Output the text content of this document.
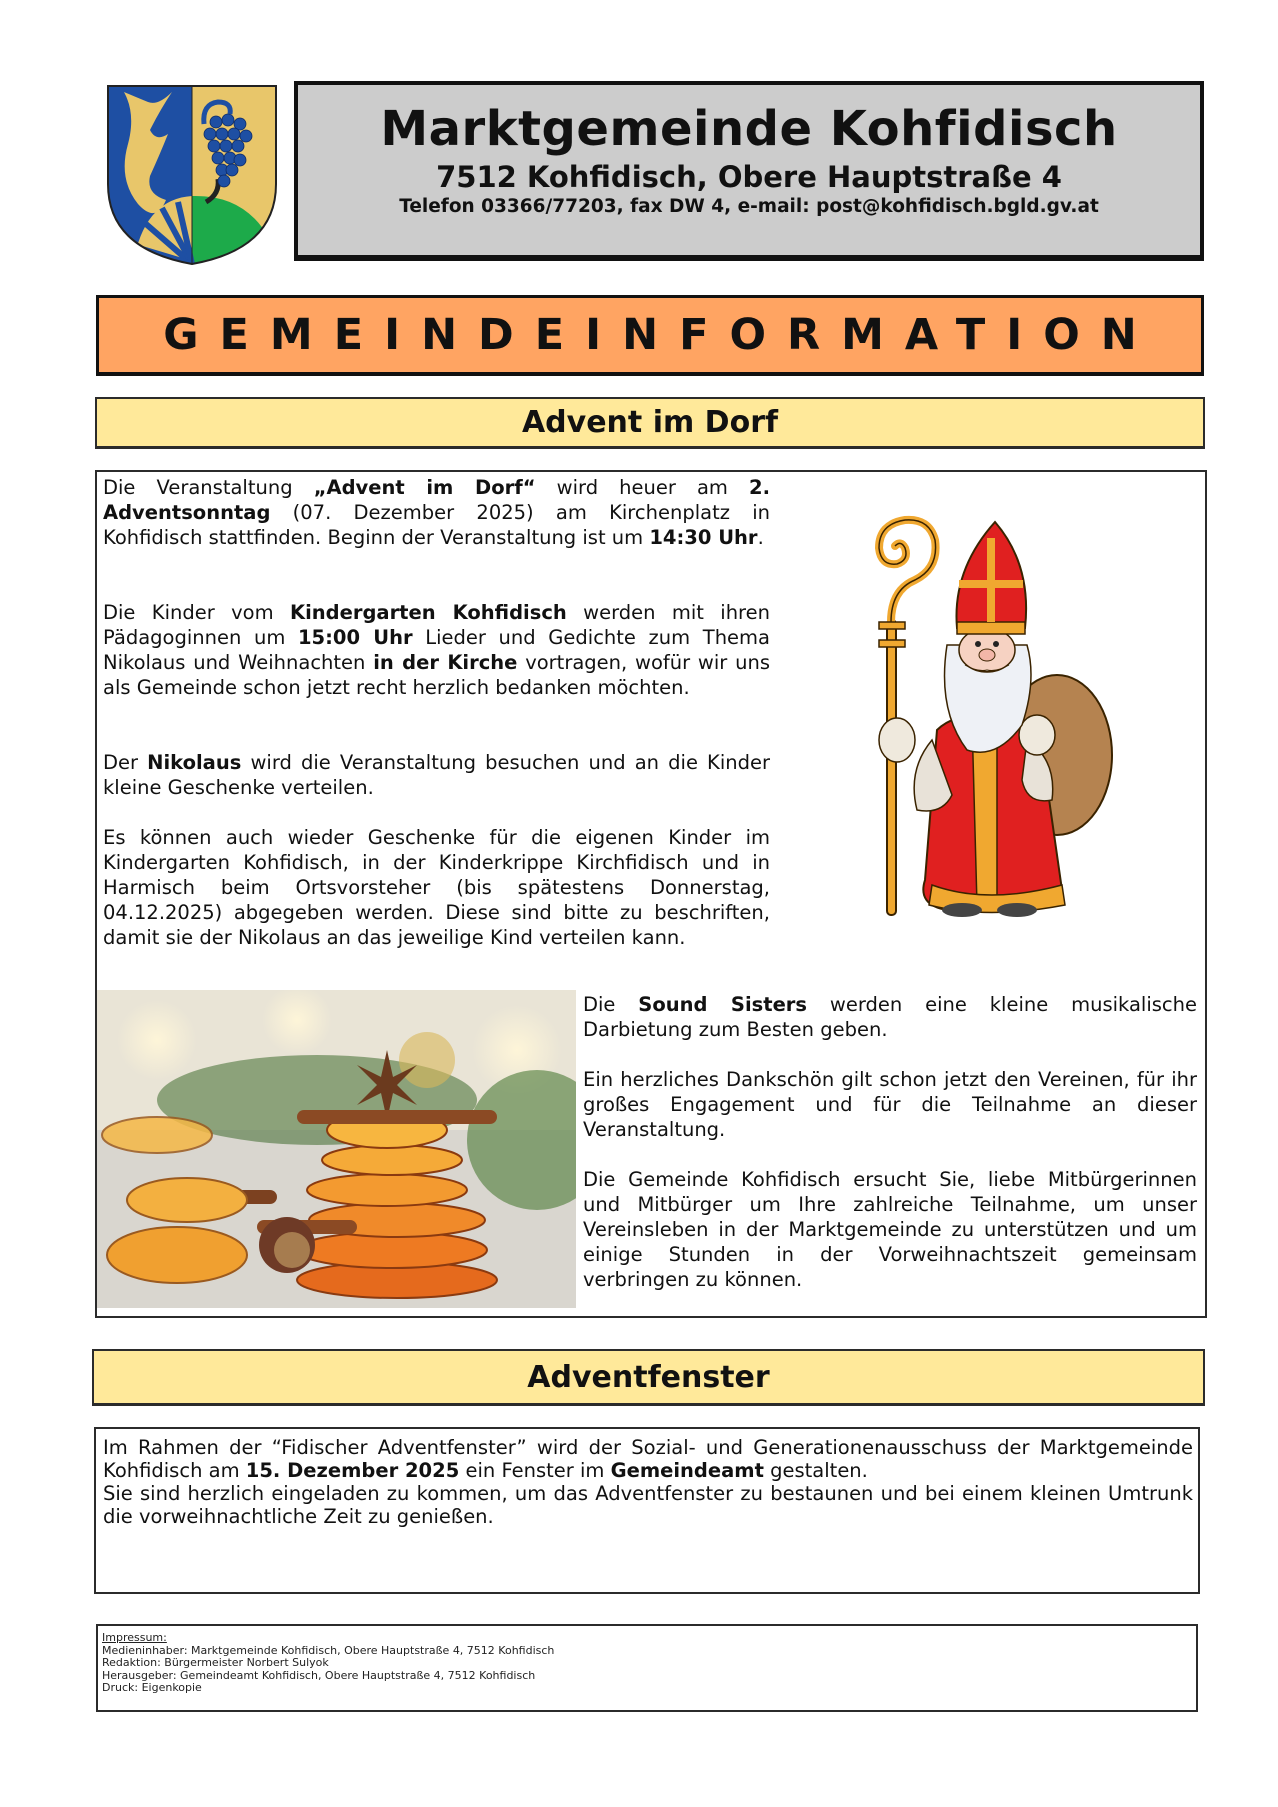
Marktgemeinde Kohfidisch
7512 Kohfidisch, Obere Hauptstraße 4
Telefon 03366/77203, fax DW 4, e-mail: post@kohfidisch.bgld.gv.at
GEMEINDEINFORMATION
Advent im Dorf

Die Veranstaltung „Advent im Dorf“ wird heuer am 2. Adventsonntag (07. Dezember 2025) am Kirchenplatz in Kohfidisch stattfinden. Beginn der Veranstaltung ist um 14:30 Uhr.

Die Kinder vom Kindergarten Kohfidisch werden mit ihren Pädagoginnen um 15:00 Uhr Lieder und Gedichte zum Thema Nikolaus und Weihnachten in der Kirche vortragen, wofür wir uns als Gemeinde schon jetzt recht herzlich bedanken möchten.

Der Nikolaus wird die Veranstaltung besuchen und an die Kinder kleine Geschenke verteilen.

Es können auch wieder Geschenke für die eigenen Kinder im Kindergarten Kohfidisch, in der Kinderkrippe Kirchfidisch und in Harmisch beim Ortsvorsteher (bis spätestens Donnerstag, 04.12.2025) abgegeben werden. Diese sind bitte zu beschriften, damit sie der Nikolaus an das jeweilige Kind verteilen kann.

Die Sound Sisters werden eine kleine musikalische Darbietung zum Besten geben.

Ein herzliches Dankschön gilt schon jetzt den Vereinen, für ihr großes Engagement und für die Teilnahme an dieser Veranstaltung.

Die Gemeinde Kohfidisch ersucht Sie, liebe Mitbürgerinnen und Mitbürger um Ihre zahlreiche Teilnahme, um unser Vereinsleben in der Marktgemeinde zu unterstützen und um einige Stunden in der Vorweihnachtszeit gemeinsam verbringen zu können.

Adventfenster

Im Rahmen der “Fidischer Adventfenster” wird der Sozial- und Generationenausschuss der Marktgemeinde Kohfidisch am 15. Dezember 2025 ein Fenster im Gemeindeamt gestalten.

Sie sind herzlich eingeladen zu kommen, um das Adventfenster zu bestaunen und bei einem kleinen Umtrunk die vorweihnachtliche Zeit zu genießen.

Impressum:
Medieninhaber: Marktgemeinde Kohfidisch, Obere Hauptstraße 4, 7512 Kohfidisch
Redaktion: Bürgermeister Norbert Sulyok
Herausgeber: Gemeindeamt Kohfidisch, Obere Hauptstraße 4, 7512 Kohfidisch
Druck: Eigenkopie
